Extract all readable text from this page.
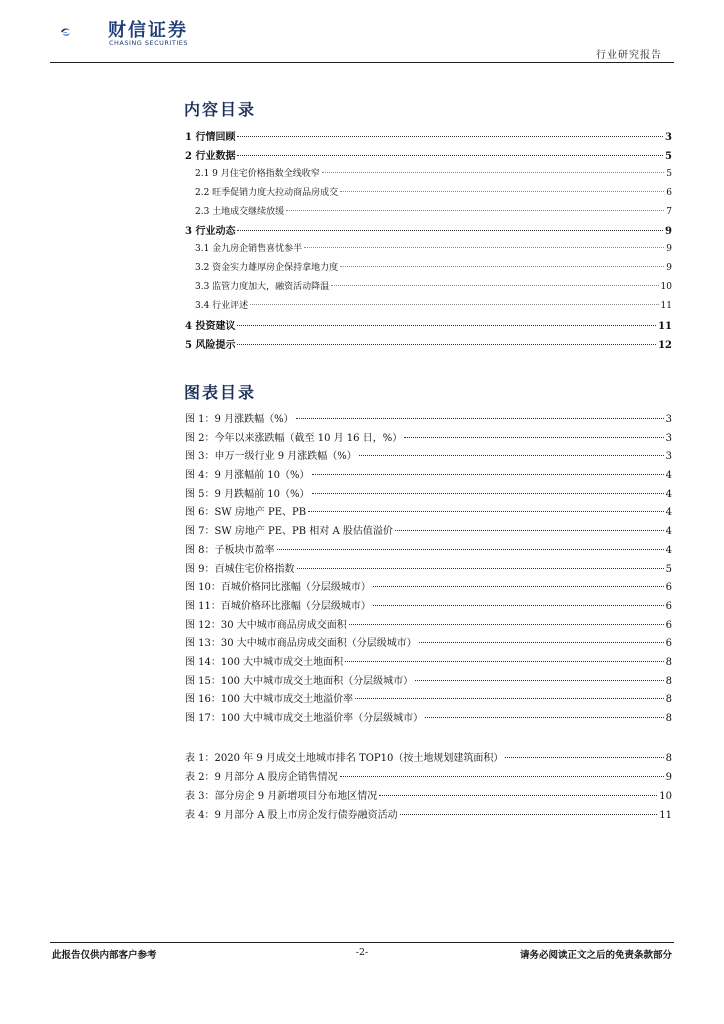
财信证券
CHASING SECURITIES
行业研究报告
内容目录
1 行情回顾	3
2 行业数据	5
2.1 9 月住宅价格指数全线收窄	5
2.2 旺季促销力度大拉动商品房成交	6
2.3 土地成交继续放缓	7
3 行业动态	9
3.1 金九房企销售喜忧参半	9
3.2 资金实力雄厚房企保持拿地力度	9
3.3 监管力度加大，融资活动降温	10
3.4 行业评述	11
4 投资建议	11
5 风险提示	12
图表目录
图 1：9 月涨跌幅（%）	3
图 2：今年以来涨跌幅（截至 10 月 16 日，%）	3
图 3：申万一级行业 9 月涨跌幅（%）	3
图 4：9 月涨幅前 10（%）	4
图 5：9 月跌幅前 10（%）	4
图 6：SW 房地产 PE、PB	4
图 7：SW 房地产 PE、PB 相对 A 股估值溢价	4
图 8：子板块市盈率	4
图 9：百城住宅价格指数	5
图 10：百城价格同比涨幅（分层级城市）	6
图 11：百城价格环比涨幅（分层级城市）	6
图 12：30 大中城市商品房成交面积	6
图 13：30 大中城市商品房成交面积（分层级城市）	6
图 14：100 大中城市成交土地面积	8
图 15：100 大中城市成交土地面积（分层级城市）	8
图 16：100 大中城市成交土地溢价率	8
图 17：100 大中城市成交土地溢价率（分层级城市）	8
表 1：2020 年 9 月成交土地城市排名 TOP10（按土地规划建筑面积）	8
表 2：9 月部分 A 股房企销售情况	9
表 3：部分房企 9 月新增项目分布地区情况	10
表 4：9 月部分 A 股上市房企发行债券融资活动	11
此报告仅供内部客户参考	-2-	请务必阅读正文之后的免责条款部分
